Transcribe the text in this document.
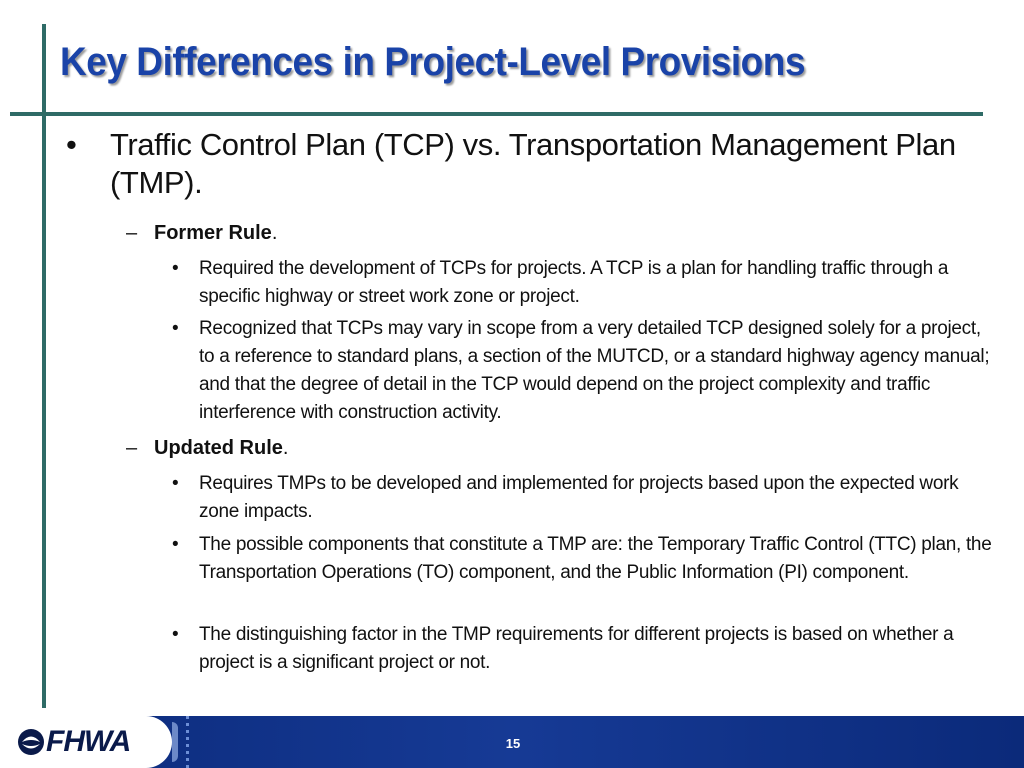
Key Differences in Project-Level Provisions
• Traffic Control Plan (TCP) vs. Transportation Management Plan (TMP).
– Former Rule.
• Required the development of TCPs for projects. A TCP is a plan for handling traffic through a specific highway or street work zone or project.
• Recognized that TCPs may vary in scope from a very detailed TCP designed solely for a project, to a reference to standard plans, a section of the MUTCD, or a standard highway agency manual; and that the degree of detail in the TCP would depend on the project complexity and traffic interference with construction activity.
– Updated Rule.
• Requires TMPs to be developed and implemented for projects based upon the expected work zone impacts.
• The possible components that constitute a TMP are: the Temporary Traffic Control (TTC) plan, the Transportation Operations (TO) component, and the Public Information (PI) component.
• The distinguishing factor in the TMP requirements for different projects is based on whether a project is a significant project or not.
FHWA	15
